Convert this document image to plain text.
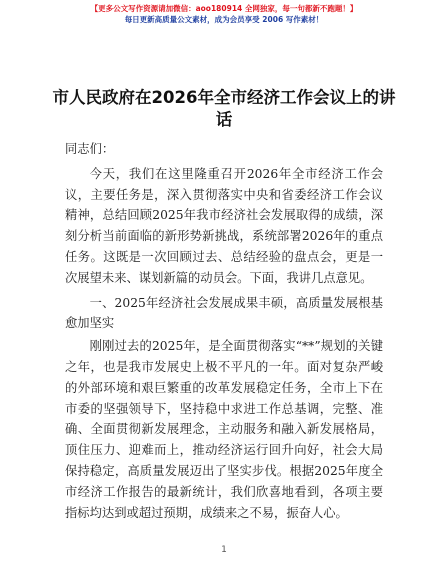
【更多公文写作资源请加微信：aoo180914 全网独家，每一句都新不跑题！】
每日更新高质量公文素材，成为会员享受 2006 写作素材！
市人民政府在2026年全市经济工作会议上的讲话

同志们：

今天，我们在这里隆重召开2026年全市经济工作会议，主要任务是，深入贯彻落实中央和省委经济工作会议精神，总结回顾2025年我市经济社会发展取得的成绩，深刻分析当前面临的新形势新挑战，系统部署2026年的重点任务。这既是一次回顾过去、总结经验的盘点会，更是一次展望未来、谋划新篇的动员会。下面，我讲几点意见。

一、2025年经济社会发展成果丰硕，高质量发展根基愈加坚实

刚刚过去的2025年，是全面贯彻落实“**”规划的关键之年，也是我市发展史上极不平凡的一年。面对复杂严峻的外部环境和艰巨繁重的改革发展稳定任务，全市上下在市委的坚强领导下，坚持稳中求进工作总基调，完整、准确、全面贯彻新发展理念，主动服务和融入新发展格局，顶住压力、迎难而上，推动经济运行回升向好，社会大局保持稳定，高质量发展迈出了坚实步伐。根据2025年度全市经济工作报告的最新统计，我们欣喜地看到，各项主要指标均达到或超过预期，成绩来之不易，振奋人心。

1
